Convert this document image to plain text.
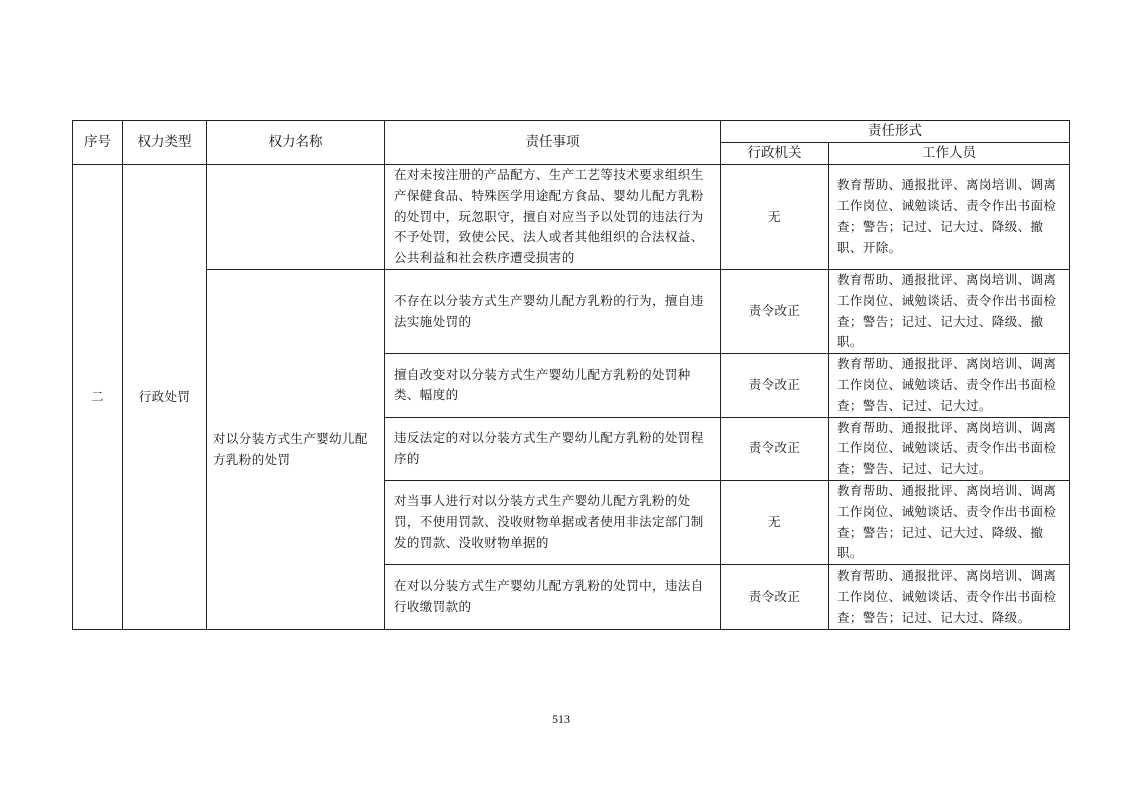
序号	权力类型	权力名称	责任事项	责任形式	
				行政机关	工作人员
二	行政处罚		在对未按注册的产品配方、生产工艺等技术要求组织生产保健食品、特殊医学用途配方食品、婴幼儿配方乳粉的处罚中，玩忽职守，擅自对应当予以处罚的违法行为不予处罚，致使公民、法人或者其他组织的合法权益、公共利益和社会秩序遭受损害的	无	教育帮助、通报批评、离岗培训、调离工作岗位、诫勉谈话、责令作出书面检查；警告；记过、记大过、降级、撤职、开除。
		对以分装方式生产婴幼儿配方乳粉的处罚	不存在以分装方式生产婴幼儿配方乳粉的行为，擅自违法实施处罚的	责令改正	教育帮助、通报批评、离岗培训、调离工作岗位、诫勉谈话、责令作出书面检查；警告；记过、记大过、降级、撤职。
			擅自改变对以分装方式生产婴幼儿配方乳粉的处罚种类、幅度的	责令改正	教育帮助、通报批评、离岗培训、调离工作岗位、诫勉谈话、责令作出书面检查；警告、记过、记大过。
			违反法定的对以分装方式生产婴幼儿配方乳粉的处罚程序的	责令改正	教育帮助、通报批评、离岗培训、调离工作岗位、诫勉谈话、责令作出书面检查；警告、记过、记大过。
			对当事人进行对以分装方式生产婴幼儿配方乳粉的处罚，不使用罚款、没收财物单据或者使用非法定部门制发的罚款、没收财物单据的	无	教育帮助、通报批评、离岗培训、调离工作岗位、诫勉谈话、责令作出书面检查；警告；记过、记大过、降级、撤职。
			在对以分装方式生产婴幼儿配方乳粉的处罚中，违法自行收缴罚款的	责令改正	教育帮助、通报批评、离岗培训、调离工作岗位、诫勉谈话、责令作出书面检查；警告；记过、记大过、降级。
513
